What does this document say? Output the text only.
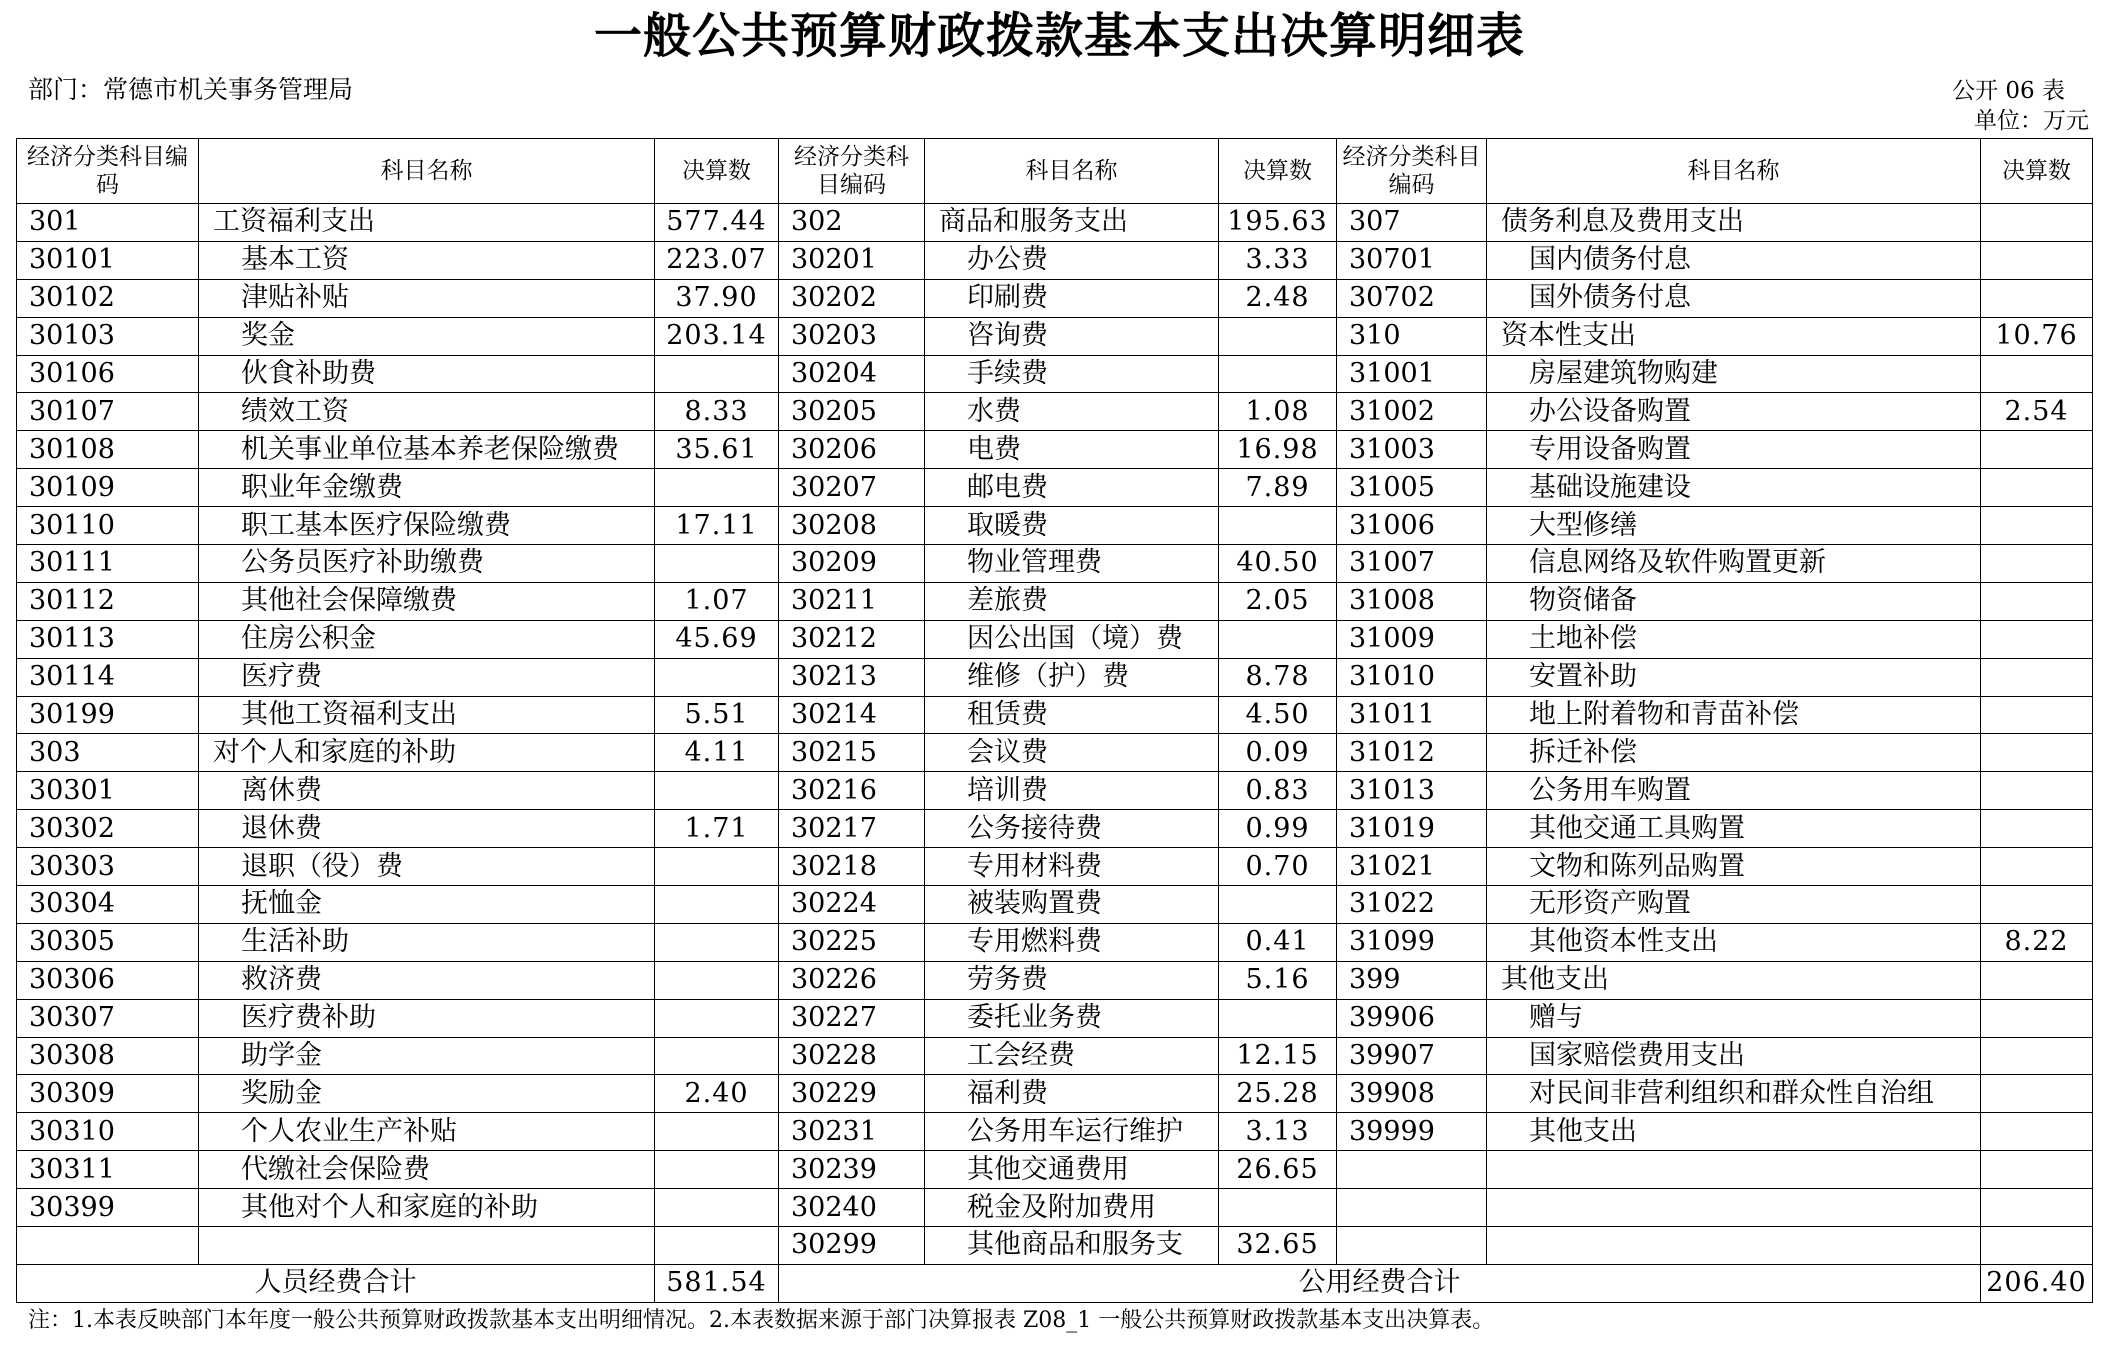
一般公共预算财政拨款基本支出决算明细表
部门：常德市机关事务管理局	公开 06 表
单位：万元
经济分类科目编码	科目名称	决算数	经济分类科目编码	科目名称	决算数	经济分类科目编码	科目名称	决算数
301	工资福利支出	577.44	302	商品和服务支出	195.63	307	债务利息及费用支出	
30101	基本工资	223.07	30201	办公费	3.33	30701	国内债务付息	
30102	津贴补贴	37.90	30202	印刷费	2.48	30702	国外债务付息	
30103	奖金	203.14	30203	咨询费		310	资本性支出	10.76
30106	伙食补助费		30204	手续费		31001	房屋建筑物购建	
30107	绩效工资	8.33	30205	水费	1.08	31002	办公设备购置	2.54
30108	机关事业单位基本养老保险缴费	35.61	30206	电费	16.98	31003	专用设备购置	
30109	职业年金缴费		30207	邮电费	7.89	31005	基础设施建设	
30110	职工基本医疗保险缴费	17.11	30208	取暖费		31006	大型修缮	
30111	公务员医疗补助缴费		30209	物业管理费	40.50	31007	信息网络及软件购置更新	
30112	其他社会保障缴费	1.07	30211	差旅费	2.05	31008	物资储备	
30113	住房公积金	45.69	30212	因公出国（境）费		31009	土地补偿	
30114	医疗费		30213	维修（护）费	8.78	31010	安置补助	
30199	其他工资福利支出	5.51	30214	租赁费	4.50	31011	地上附着物和青苗补偿	
303	对个人和家庭的补助	4.11	30215	会议费	0.09	31012	拆迁补偿	
30301	离休费		30216	培训费	0.83	31013	公务用车购置	
30302	退休费	1.71	30217	公务接待费	0.99	31019	其他交通工具购置	
30303	退职（役）费		30218	专用材料费	0.70	31021	文物和陈列品购置	
30304	抚恤金		30224	被装购置费		31022	无形资产购置	
30305	生活补助		30225	专用燃料费	0.41	31099	其他资本性支出	8.22
30306	救济费		30226	劳务费	5.16	399	其他支出	
30307	医疗费补助		30227	委托业务费		39906	赠与	
30308	助学金		30228	工会经费	12.15	39907	国家赔偿费用支出	
30309	奖励金	2.40	30229	福利费	25.28	39908	对民间非营利组织和群众性自治组	
30310	个人农业生产补贴		30231	公务用车运行维护	3.13	39999	其他支出	
30311	代缴社会保险费		30239	其他交通费用	26.65			
30399	其他对个人和家庭的补助		30240	税金及附加费用				
			30299	其他商品和服务支	32.65			
人员经费合计		581.54	公用经费合计					206.40
注：1.本表反映部门本年度一般公共预算财政拨款基本支出明细情况。2.本表数据来源于部门决算报表 Z08_1 一般公共预算财政拨款基本支出决算表。
